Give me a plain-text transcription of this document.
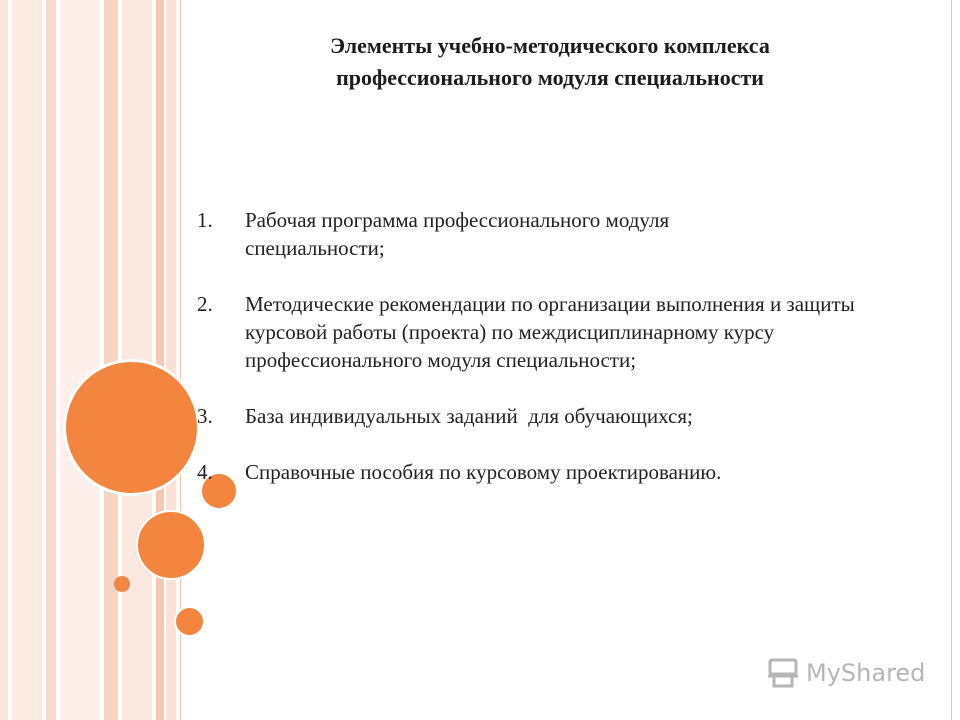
Элементы учебно-методического комплекса
профессионального модуля специальности
1. Рабочая программа профессионального модуля специальности;
2. Методические рекомендации по организации выполнения и защиты курсовой работы (проекта) по междисциплинарному курсу профессионального модуля специальности;
3. База индивидуальных заданий  для обучающихся;
4. Справочные пособия по курсовому проектированию.
MyShared
